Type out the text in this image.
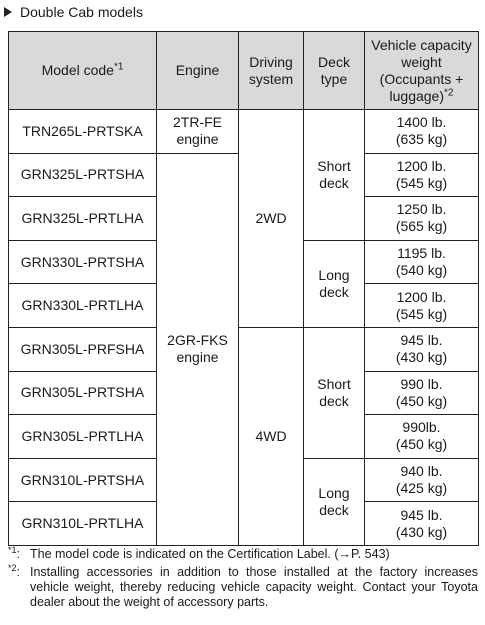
Double Cab models
Model code$^{*1}$	Engine	Driving system	Deck type	Vehicle capacity weight (Occupants + luggage)$^{*2}$
TRN265L-PRTSKA	2TR-FE engine	2WD	Short deck	1400 lb.
(635 kg)
GRN325L-PRTSHA	2GR-FKS engine			1200 lb.
(545 kg)
GRN325L-PRTLHA				1250 lb.
(565 kg)
GRN330L-PRTSHA			Long deck	1195 lb.
(540 kg)
GRN330L-PRTLHA				1200 lb.
(545 kg)
GRN305L-PRFSHA		4WD	Short deck	945 lb.
(430 kg)
GRN305L-PRTSHA				990 lb.
(450 kg)
GRN305L-PRTLHA				990lb.
(450 kg)
GRN310L-PRTSHA			Long deck	940 lb.
(425 kg)
GRN310L-PRTLHA				945 lb.
(430 kg)
$^{*1}$: The model code is indicated on the Certification Label. (→P. 543)
$^{*2}$: Installing accessories in addition to those installed at the factory increases vehicle weight, thereby reducing vehicle capacity weight. Contact your Toyota dealer about the weight of accessory parts.
